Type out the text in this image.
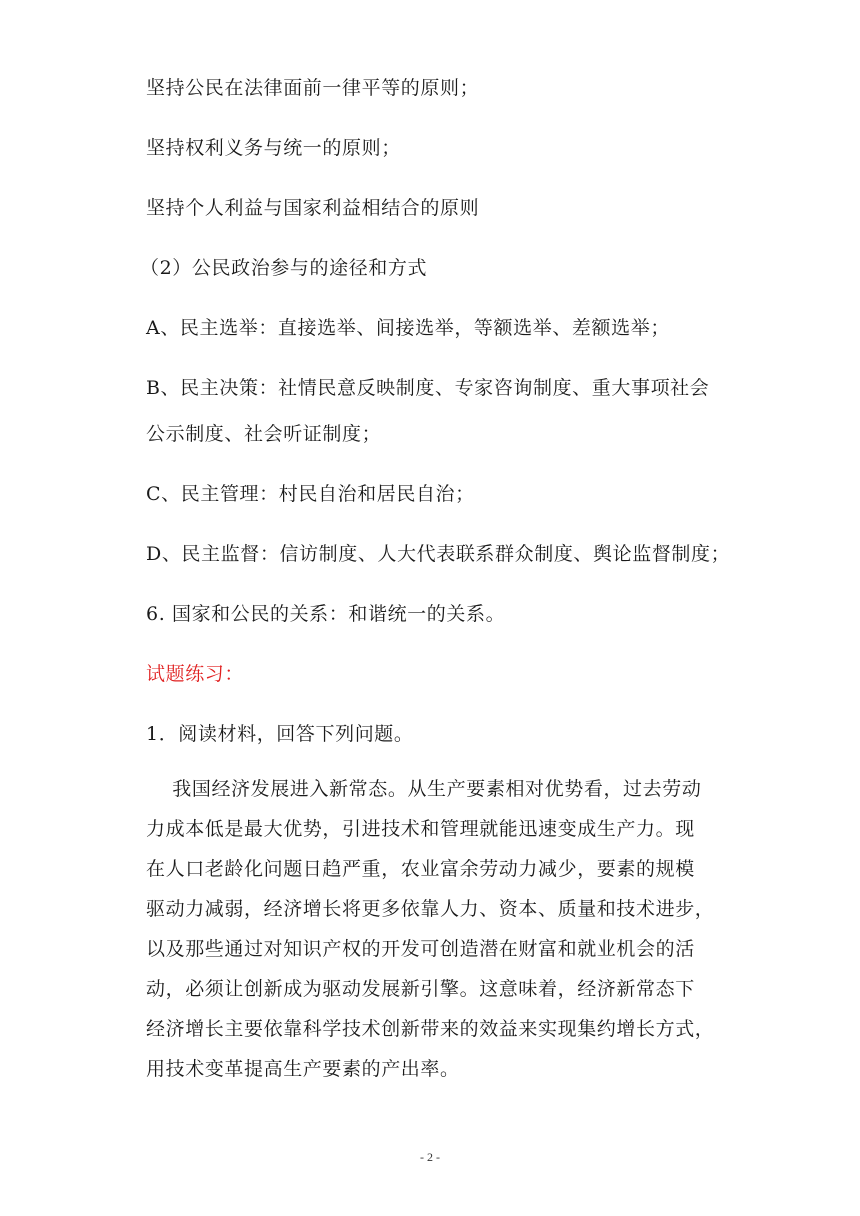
坚持公民在法律面前一律平等的原则；
坚持权利义务与统一的原则；
坚持个人利益与国家利益相结合的原则
（2）公民政治参与的途径和方式
A、民主选举：直接选举、间接选举，等额选举、差额选举；
B、民主决策：社情民意反映制度、专家咨询制度、重大事项社会
公示制度、社会听证制度；
C、民主管理：村民自治和居民自治；
D、民主监督：信访制度、人大代表联系群众制度、舆论监督制度；
6. 国家和公民的关系：和谐统一的关系。
试题练习：
1．阅读材料，回答下列问题。
　 我国经济发展进入新常态。从生产要素相对优势看，过去劳动
力成本低是最大优势，引进技术和管理就能迅速变成生产力。现
在人口老龄化问题日趋严重，农业富余劳动力减少，要素的规模
驱动力减弱，经济增长将更多依靠人力、资本、质量和技术进步，
以及那些通过对知识产权的开发可创造潜在财富和就业机会的活
动，必须让创新成为驱动发展新引擎。这意味着，经济新常态下
经济增长主要依靠科学技术创新带来的效益来实现集约增长方式，
用技术变革提高生产要素的产出率。
- 2 -
